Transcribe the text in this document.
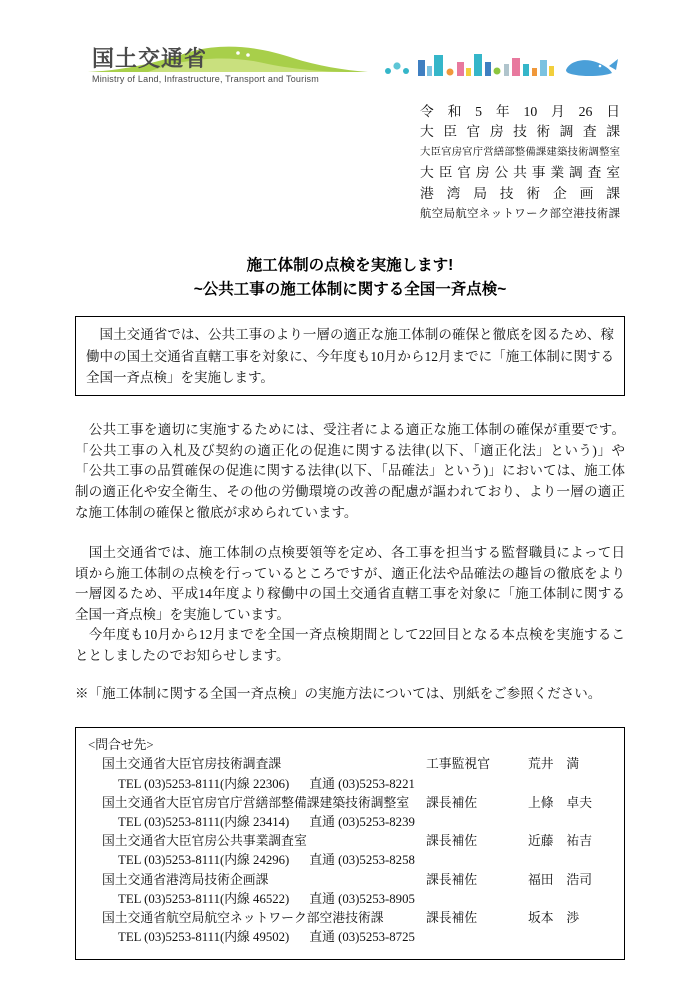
国土交通省
Ministry of Land, Infrastructure, Transport and Tourism
令和5年10月26日
大臣官房技術調査課
大臣官房官庁営繕部整備課建築技術調整室
大臣官房公共事業調査室
港湾局技術企画課
航空局航空ネットワーク部空港技術課
施工体制の点検を実施します!
~公共工事の施工体制に関する全国一斉点検~

　国土交通省では、公共工事のより一層の適正な施工体制の確保と徹底を図るため、稼働中の国土交通省直轄工事を対象に、今年度も10月から12月までに「施工体制に関する全国一斉点検」を実施します。

　公共工事を適切に実施するためには、受注者による適正な施工体制の確保が重要です。「公共工事の入札及び契約の適正化の促進に関する法律(以下、「適正化法」という)」や「公共工事の品質確保の促進に関する法律(以下、「品確法」という)」においては、施工体制の適正化や安全衛生、その他の労働環境の改善の配慮が謳われており、より一層の適正な施工体制の確保と徹底が求められています。

　国土交通省では、施工体制の点検要領等を定め、各工事を担当する監督職員によって日頃から施工体制の点検を行っているところですが、適正化法や品確法の趣旨の徹底をより一層図るため、平成14年度より稼働中の国土交通省直轄工事を対象に「施工体制に関する全国一斉点検」を実施しています。

　今年度も10月から12月までを全国一斉点検期間として22回目となる本点検を実施することとしましたのでお知らせします。

※「施工体制に関する全国一斉点検」の実施方法については、別紙をご参照ください。

<問合せ先>
国土交通省大臣官房技術調査課	工事監視官	荒井　満
TEL (03)5253-8111(内線 22306) 直通 (03)5253-8221
国土交通省大臣官房官庁営繕部整備課建築技術調整室	課長補佐	上條　卓夫
TEL (03)5253-8111(内線 23414) 直通 (03)5253-8239
国土交通省大臣官房公共事業調査室	課長補佐	近藤　祐吉
TEL (03)5253-8111(内線 24296) 直通 (03)5253-8258
国土交通省港湾局技術企画課	課長補佐	福田　浩司
TEL (03)5253-8111(内線 46522) 直通 (03)5253-8905
国土交通省航空局航空ネットワーク部空港技術課	課長補佐	坂本　渉
TEL (03)5253-8111(内線 49502) 直通 (03)5253-8725
